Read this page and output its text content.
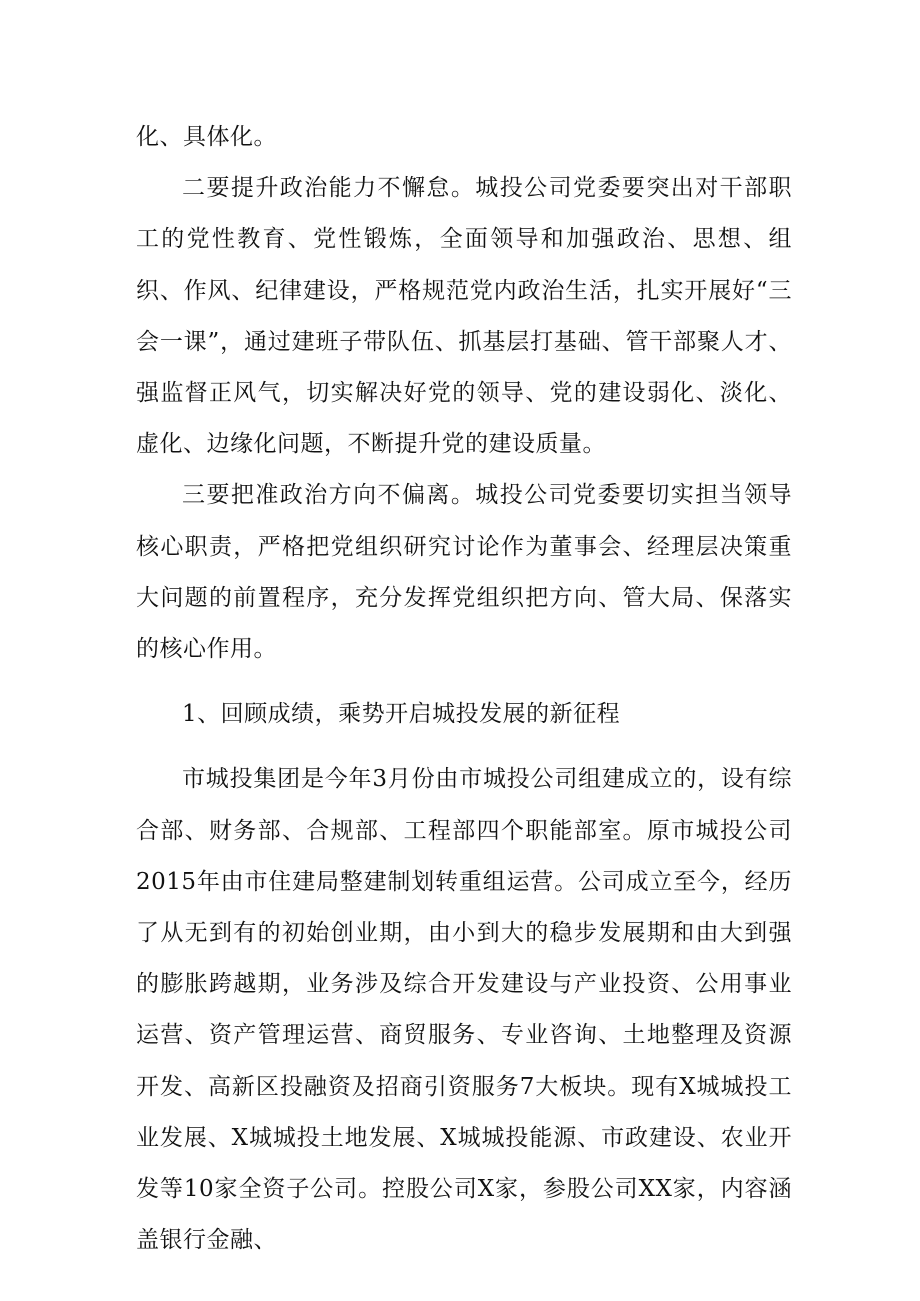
化、具体化。

二要提升政治能力不懈怠。城投公司党委要突出对干部职工的党性教育、党性锻炼，全面领导和加强政治、思想、组织、作风、纪律建设，严格规范党内政治生活，扎实开展好“三会一课”，通过建班子带队伍、抓基层打基础、管干部聚人才、强监督正风气，切实解决好党的领导、党的建设弱化、淡化、虚化、边缘化问题，不断提升党的建设质量。

三要把准政治方向不偏离。城投公司党委要切实担当领导核心职责，严格把党组织研究讨论作为董事会、经理层决策重大问题的前置程序，充分发挥党组织把方向、管大局、保落实的核心作用。

1、回顾成绩，乘势开启城投发展的新征程

市城投集团是今年3月份由市城投公司组建成立的，设有综合部、财务部、合规部、工程部四个职能部室。原市城投公司2015年由市住建局整建制划转重组运营。公司成立至今，经历了从无到有的初始创业期，由小到大的稳步发展期和由大到强的膨胀跨越期，业务涉及综合开发建设与产业投资、公用事业运营、资产管理运营、商贸服务、专业咨询、土地整理及资源开发、高新区投融资及招商引资服务7大板块。现有X城城投工业发展、X城城投土地发展、X城城投能源、市政建设、农业开发等10家全资子公司。控股公司X家，参股公司XX家，内容涵盖银行金融、
